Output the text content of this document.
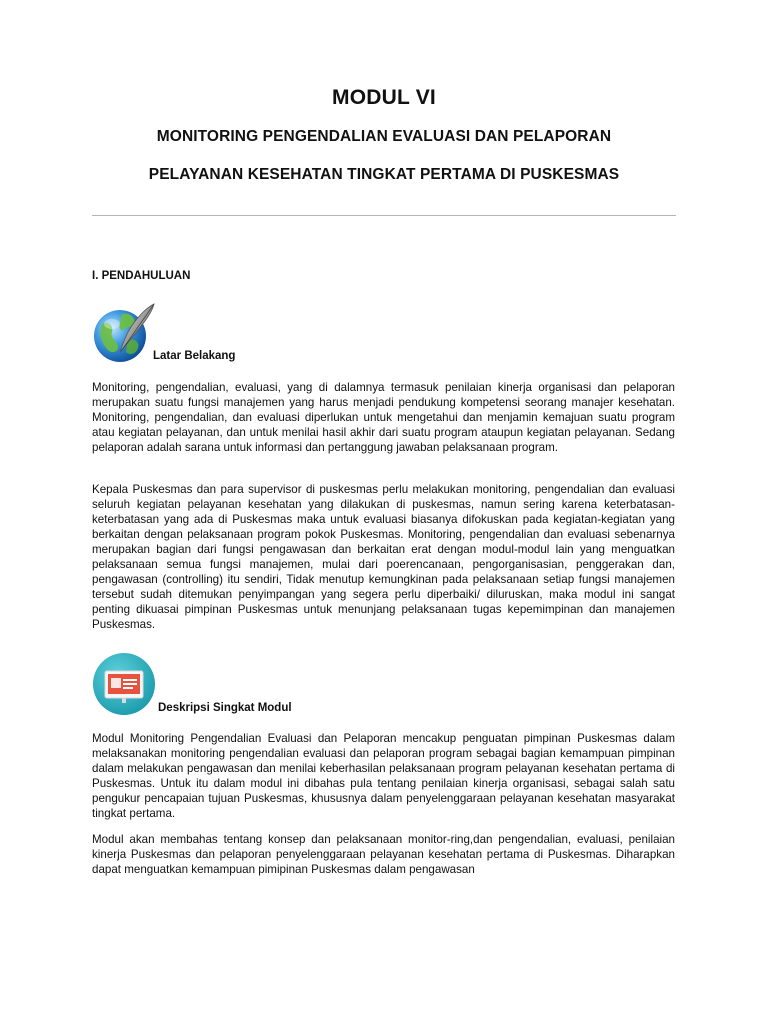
MODUL VI
MONITORING PENGENDALIAN EVALUASI DAN PELAPORAN
PELAYANAN KESEHATAN TINGKAT PERTAMA DI PUSKESMAS
I. PENDAHULUAN
Latar Belakang

Monitoring, pengendalian, evaluasi, yang di dalamnya termasuk penilaian kinerja organisasi dan pelaporan merupakan suatu fungsi manajemen yang harus menjadi pendukung kompetensi seorang manajer kesehatan. Monitoring, pengendalian, dan evaluasi diperlukan untuk mengetahui dan menjamin kemajuan suatu program atau kegiatan pelayanan, dan untuk menilai hasil akhir dari suatu program ataupun kegiatan pelayanan. Sedang pelaporan adalah sarana untuk informasi dan pertanggung jawaban pelaksanaan program.

Kepala Puskesmas dan para supervisor di puskesmas perlu melakukan monitoring, pengendalian dan evaluasi seluruh kegiatan pelayanan kesehatan yang dilakukan di puskesmas, namun sering karena keterbatasan-keterbatasan yang ada di Puskesmas maka untuk evaluasi biasanya difokuskan pada kegiatan-kegiatan yang berkaitan dengan pelaksanaan program pokok Puskesmas. Monitoring, pengendalian dan evaluasi sebenarnya merupakan bagian dari fungsi pengawasan dan berkaitan erat dengan modul-modul lain yang menguatkan pelaksanaan semua fungsi manajemen, mulai dari poerencanaan, pengorganisasian, penggerakan dan, pengawasan (controlling) itu sendiri, Tidak menutup kemungkinan pada pelaksanaan setiap fungsi manajemen tersebut sudah ditemukan penyimpangan yang segera perlu diperbaiki/ diluruskan, maka modul ini sangat penting dikuasai pimpinan Puskesmas untuk menunjang pelaksanaan tugas kepemimpinan dan manajemen Puskesmas.

Deskripsi Singkat Modul

Modul Monitoring Pengendalian Evaluasi dan Pelaporan mencakup penguatan pimpinan Puskesmas dalam melaksanakan monitoring pengendalian evaluasi dan pelaporan program sebagai bagian kemampuan pimpinan dalam melakukan pengawasan dan menilai keberhasilan pelaksanaan program pelayanan kesehatan pertama di Puskesmas. Untuk itu dalam modul ini dibahas pula tentang penilaian kinerja organisasi, sebagai salah satu pengukur pencapaian tujuan Puskesmas, khususnya dalam penyelenggaraan pelayanan kesehatan masyarakat tingkat pertama.

Modul akan membahas tentang konsep dan pelaksanaan monitor-ring,dan pengendalian, evaluasi, penilaian kinerja Puskesmas dan pelaporan penyelenggaraan pelayanan kesehatan pertama di Puskesmas. Diharapkan dapat menguatkan kemampuan pimipinan Puskesmas dalam pengawasan
